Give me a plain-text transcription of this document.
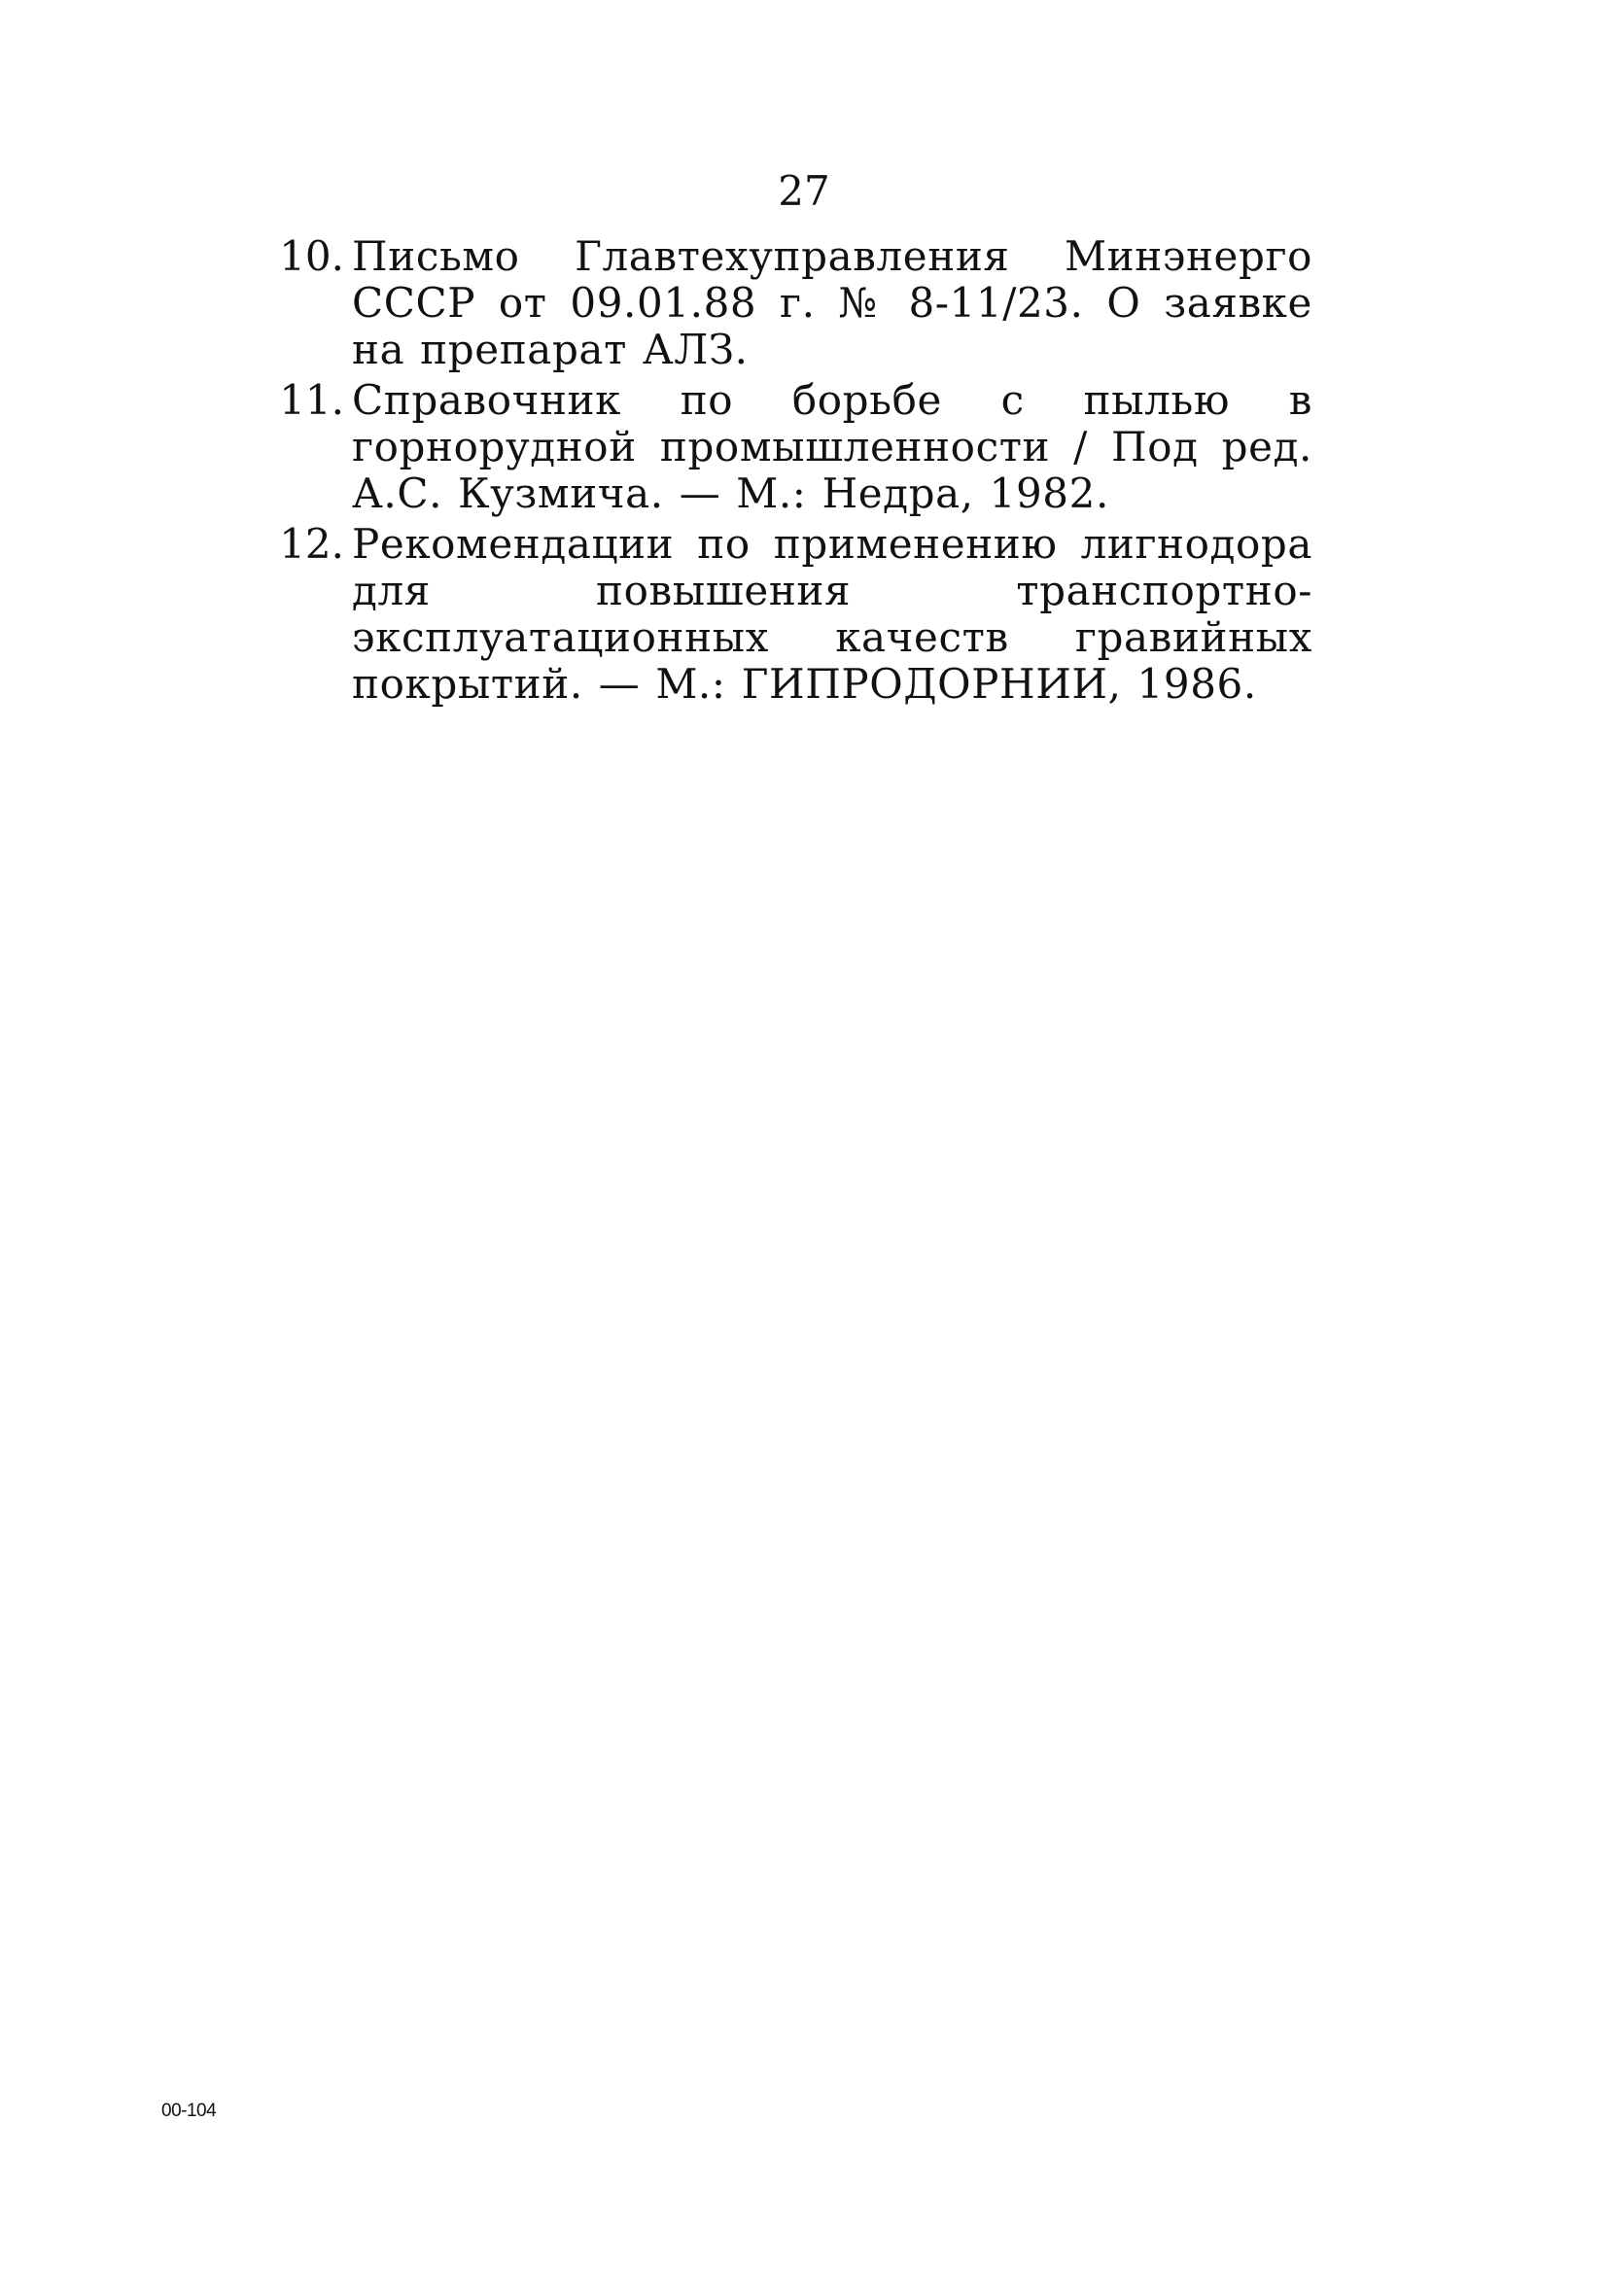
27
10. Письмо Главтехуправления Минэнерго СССР от 09.01.88 г. № 8-11/23. О заявке на препарат АЛЗ.
11. Справочник по борьбе с пылью в горнорудной промышленности / Под ред. А.С. Кузмича. — М.: Недра, 1982.
12. Рекомендации по применению лигнодора для повышения транспортно-эксплуатационных качеств гравийных покрытий. — М.: ГИПРОДОРНИИ, 1986.
00-104
